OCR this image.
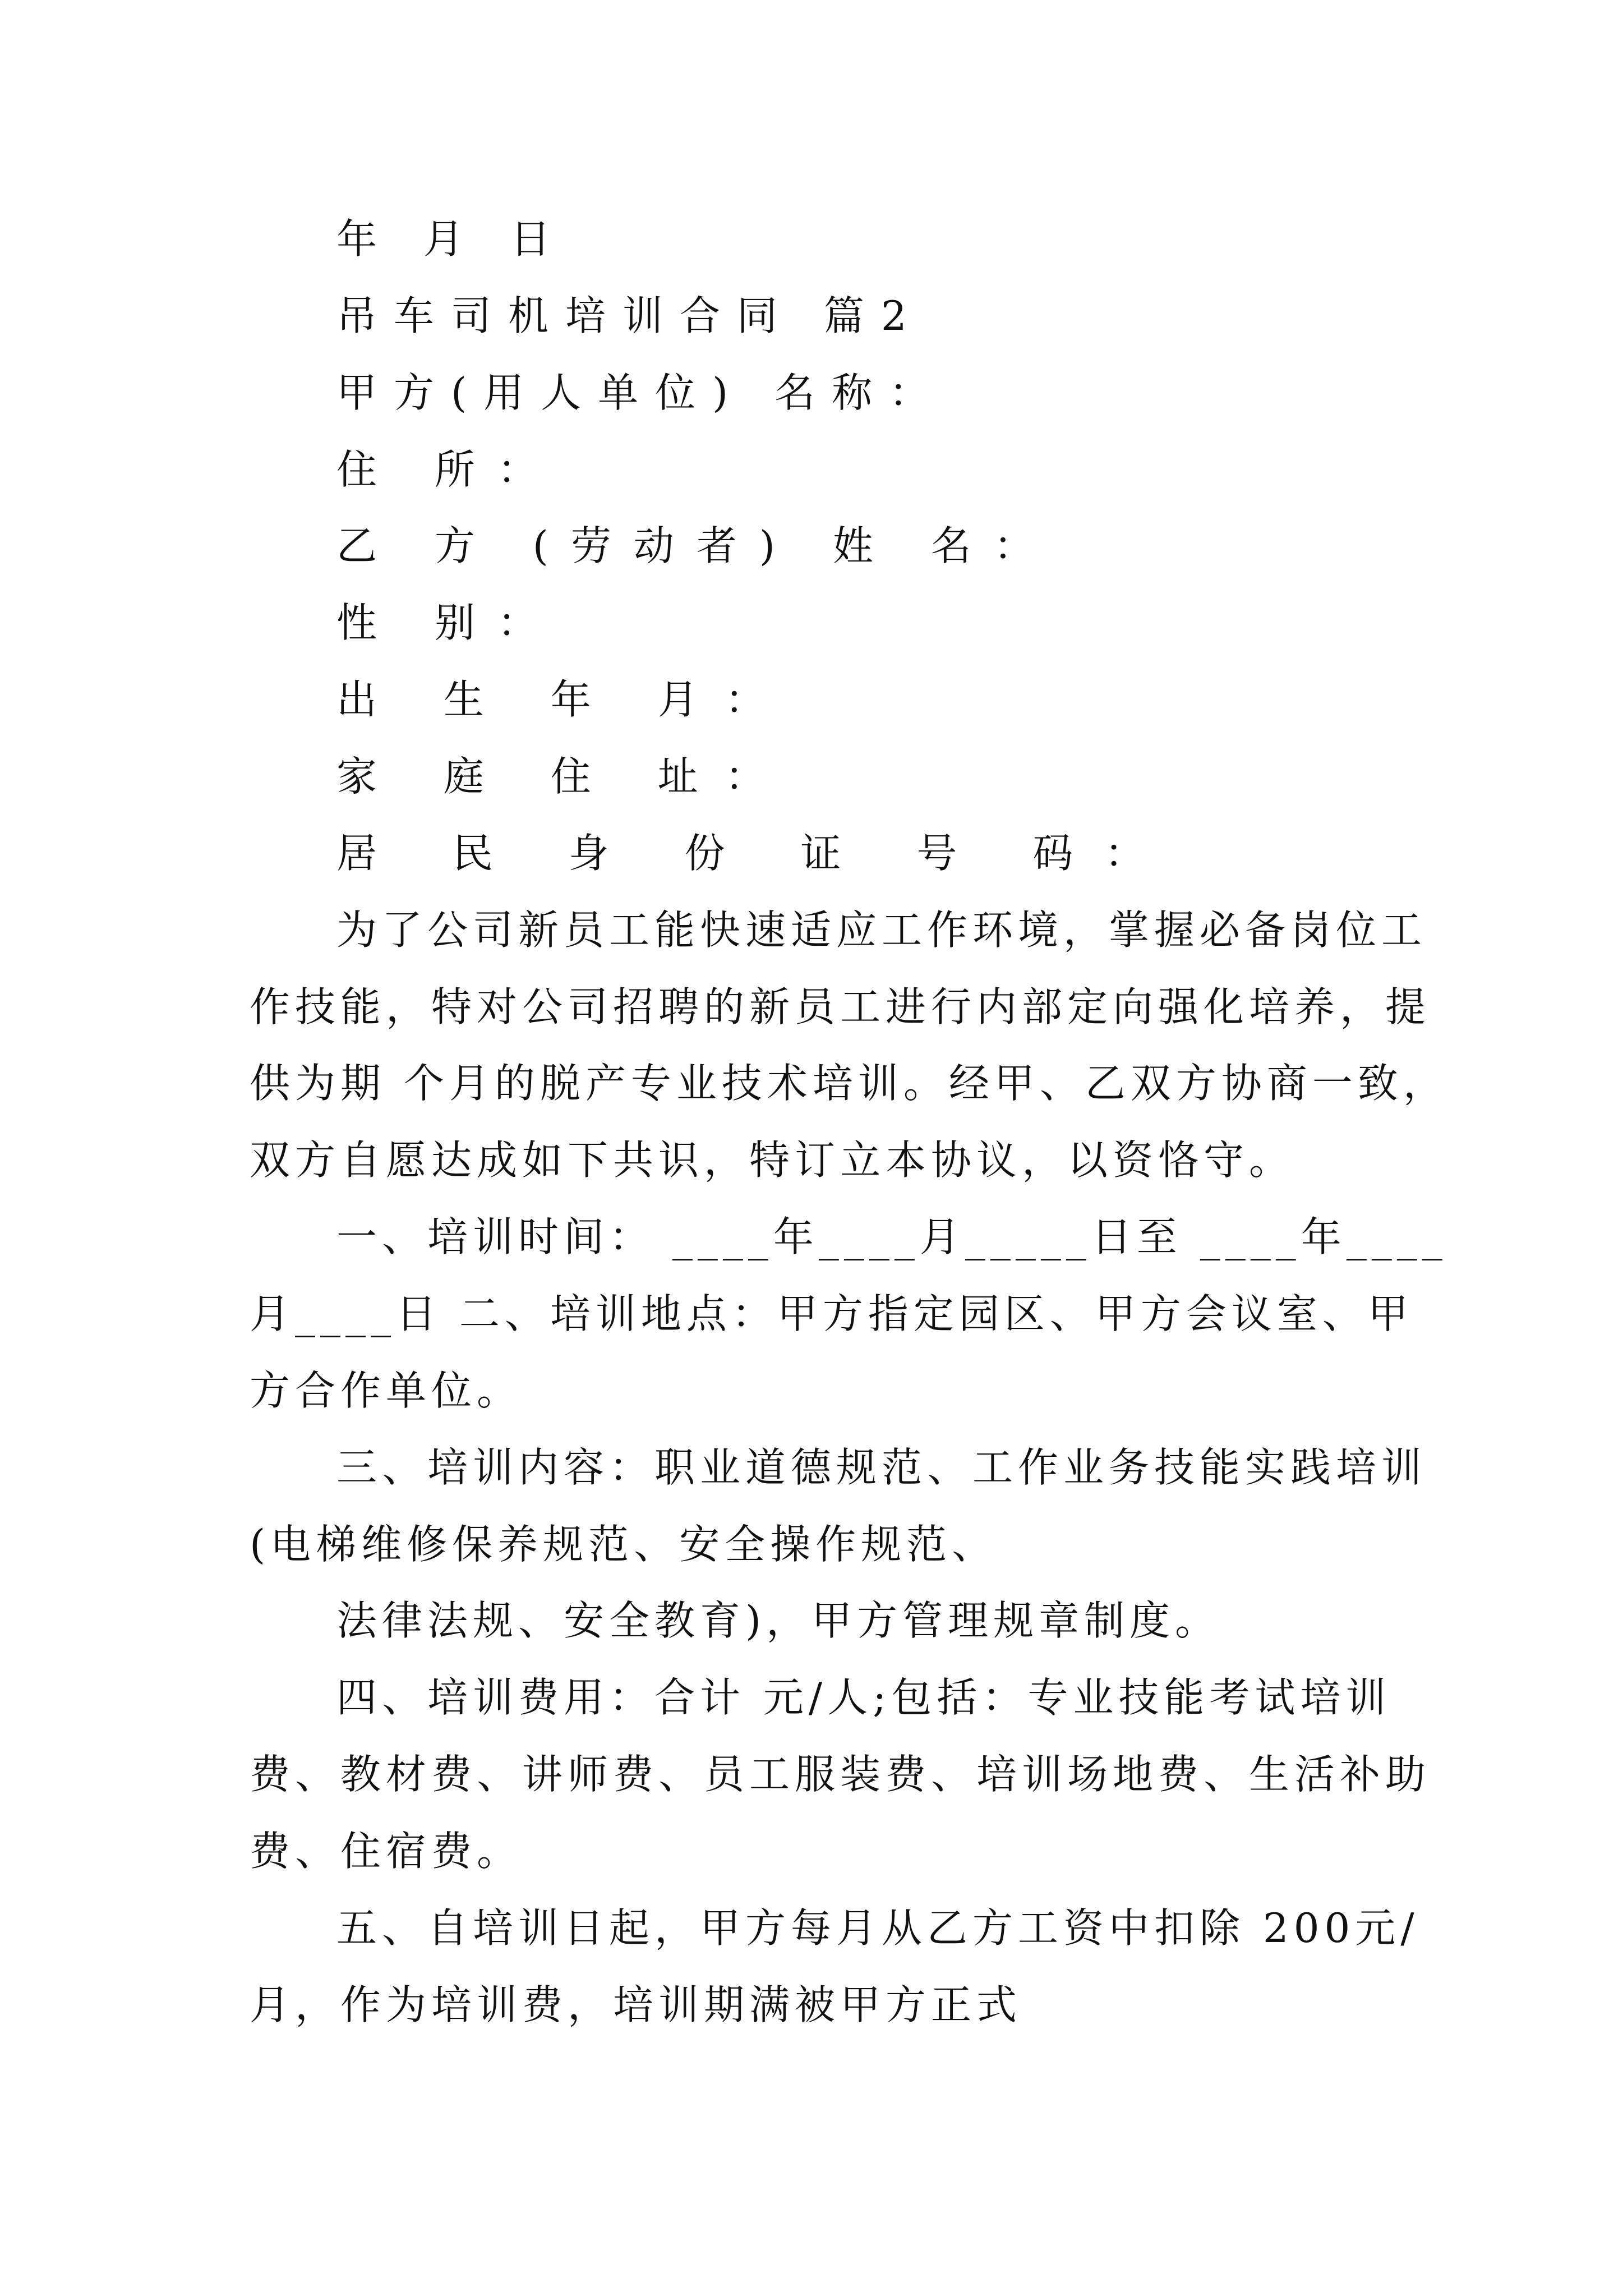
年 月 日
吊车司机培训合同 篇2
甲方(用人单位) 名称：
住 所：
乙 方 (劳动者) 姓 名：
性 别：
出 生 年 月：
家 庭 住 址：
居 民 身 份 证 号 码：
为了公司新员工能快速适应工作环境，掌握必备岗位工
作技能，特对公司招聘的新员工进行内部定向强化培养，提
供为期 个月的脱产专业技术培训。经甲、乙双方协商一致，
双方自愿达成如下共识，特订立本协议，以资恪守。
一、培训时间： ____年____月_____日至 ____年____
月____日 二、培训地点：甲方指定园区、甲方会议室、甲
方合作单位。
三、培训内容：职业道德规范、工作业务技能实践培训
(电梯维修保养规范、安全操作规范、
法律法规、安全教育)，甲方管理规章制度。
四、培训费用：合计 元/人;包括：专业技能考试培训
费、教材费、讲师费、员工服装费、培训场地费、生活补助
费、住宿费。
五、自培训日起，甲方每月从乙方工资中扣除 200元/
月，作为培训费，培训期满被甲方正式
